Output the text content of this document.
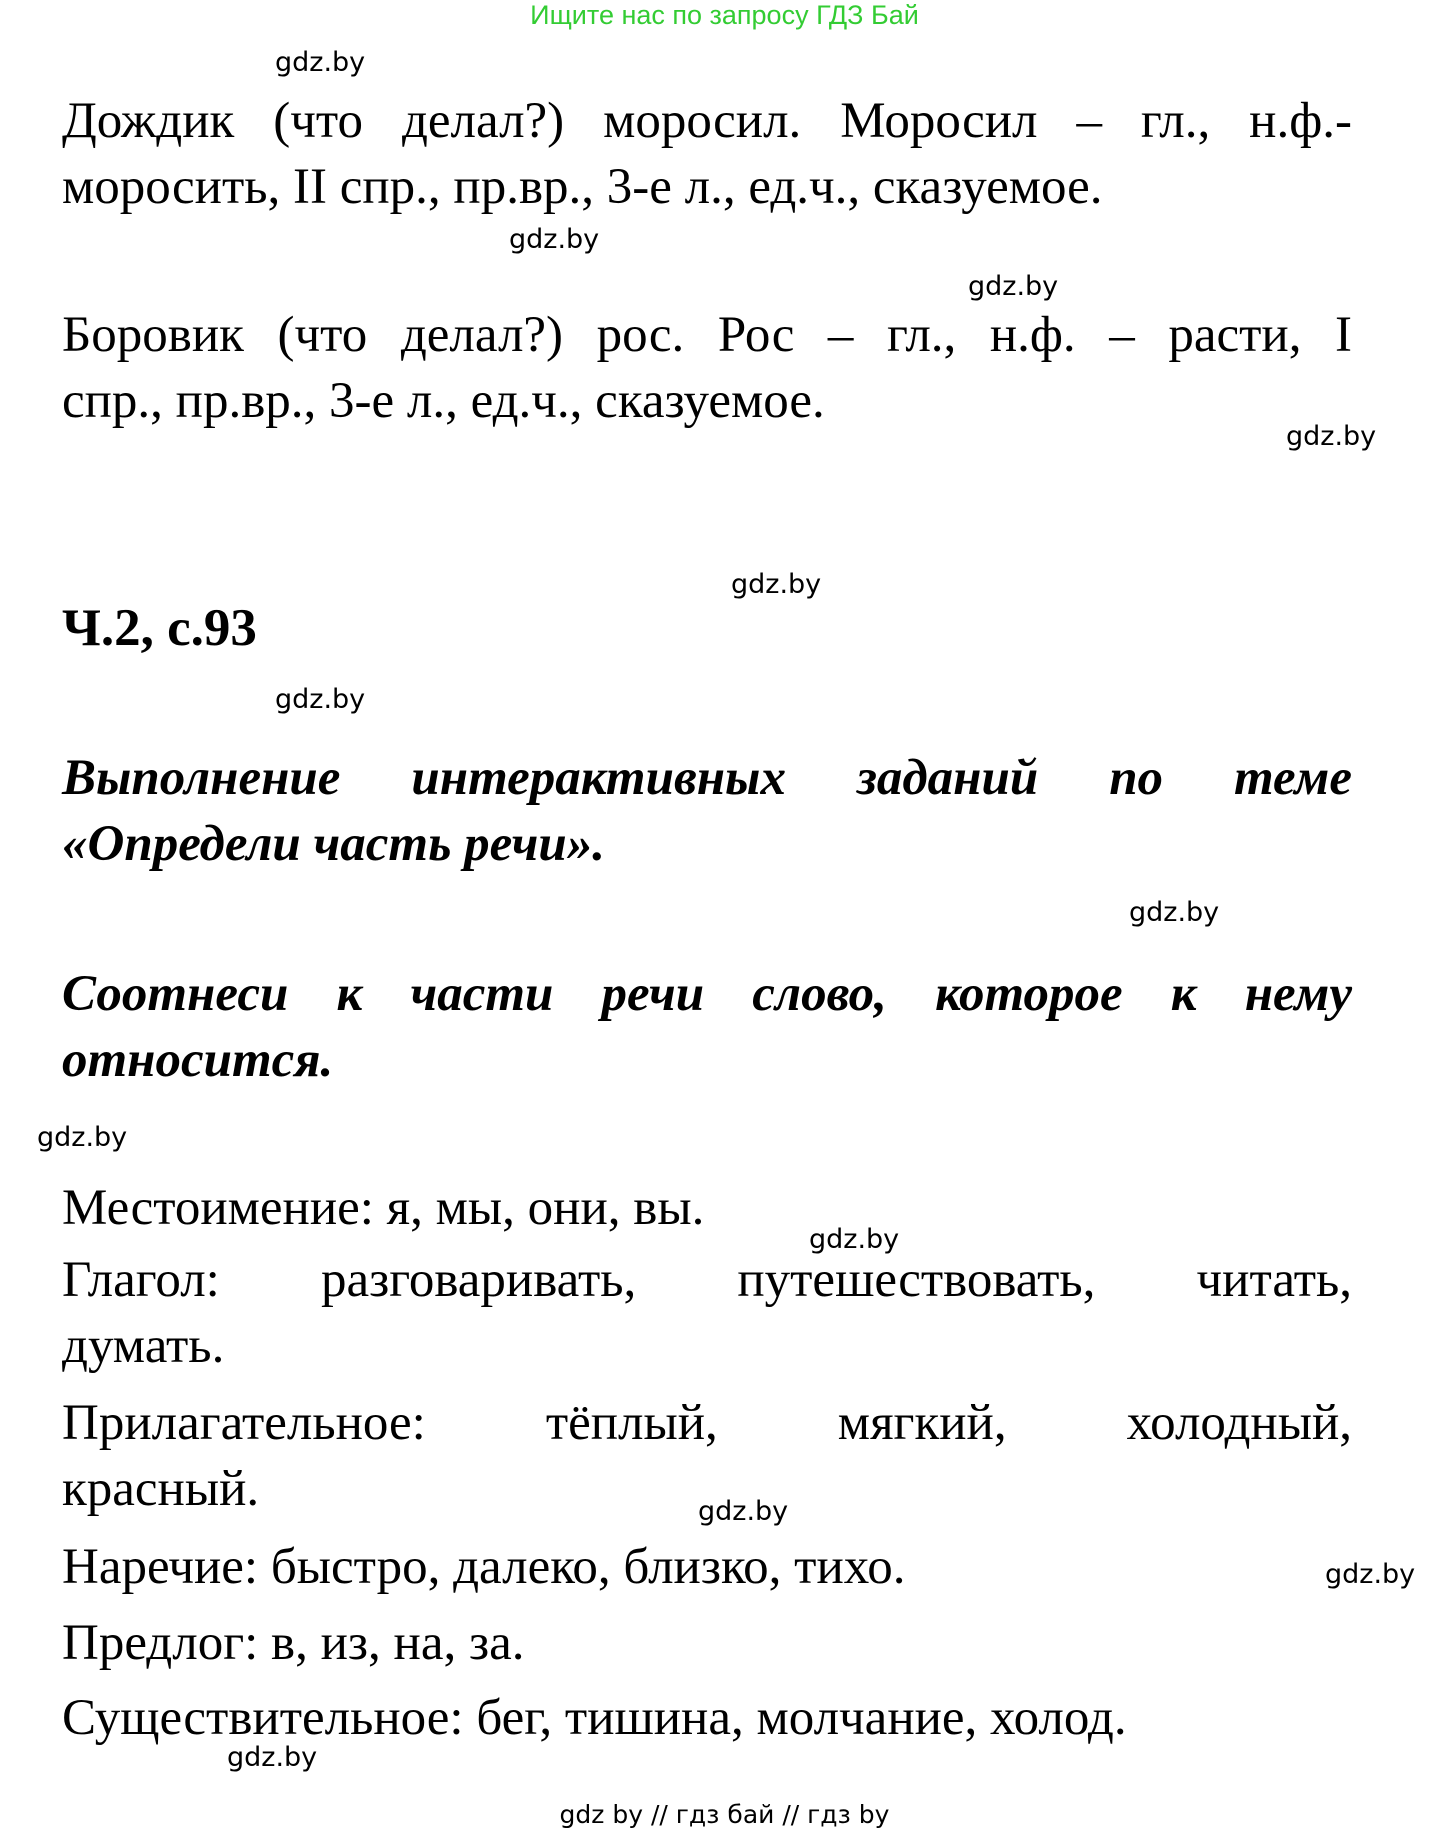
Ищите нас по запросу ГДЗ Бай
gdz.by
gdz.by
gdz.by
gdz.by
gdz.by
gdz.by
gdz.by
gdz.by
gdz.by
gdz.by
gdz.by
gdz.by
Дождик (что делал?) моросил. Моросил – гл., н.ф.-
моросить, II спр., пр.вр., 3-е л., ед.ч., сказуемое.
Боровик (что делал?) рос. Рос – гл., н.ф. – расти, I
спр., пр.вр., 3-е л., ед.ч., сказуемое.
Ч.2, с.93
Выполнение интерактивных заданий по теме
«Определи часть речи».
Соотнеси к части речи слово, которое к нему
относится.
Местоимение: я, мы, они, вы.
Глагол: разговаривать, путешествовать, читать,
думать.
Прилагательное: тёплый, мягкий, холодный,
красный.
Наречие: быстро, далеко, близко, тихо.
Предлог: в, из, на, за.
Существительное: бег, тишина, молчание, холод.
gdz by // гдз бай // гдз by
